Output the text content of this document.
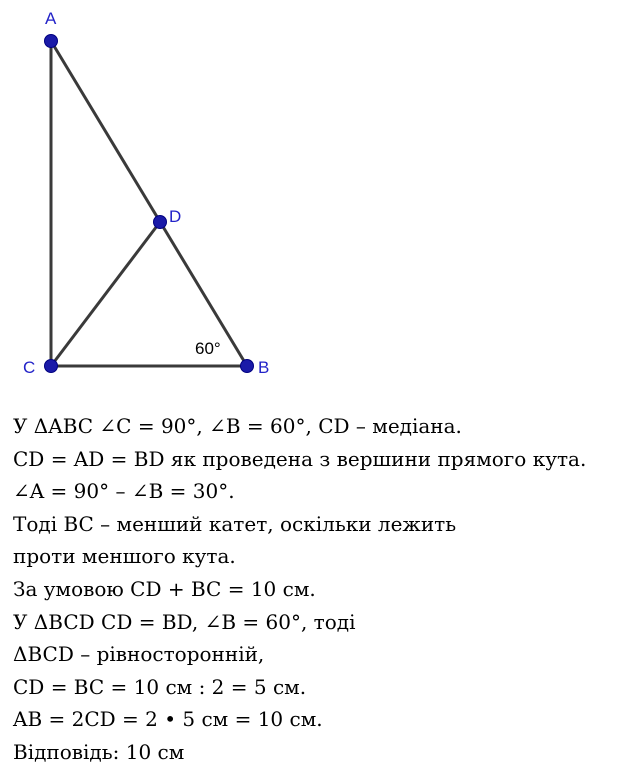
A
D
C	B
60°
У ΔABC ∠C = 90°, ∠B = 60°, CD – медіана.
CD = AD = BD як проведена з вершини прямого кута.
∠A = 90° – ∠B = 30°.
Тоді BC – менший катет, оскільки лежить
проти меншого кута.
За умовою CD + BC = 10 см.
У ΔBCD CD = BD, ∠B = 60°, тоді
ΔBCD – рівносторонній,
CD = BC = 10 см : 2 = 5 см.
AB = 2CD = 2 • 5 см = 10 см.
Відповідь: 10 см
